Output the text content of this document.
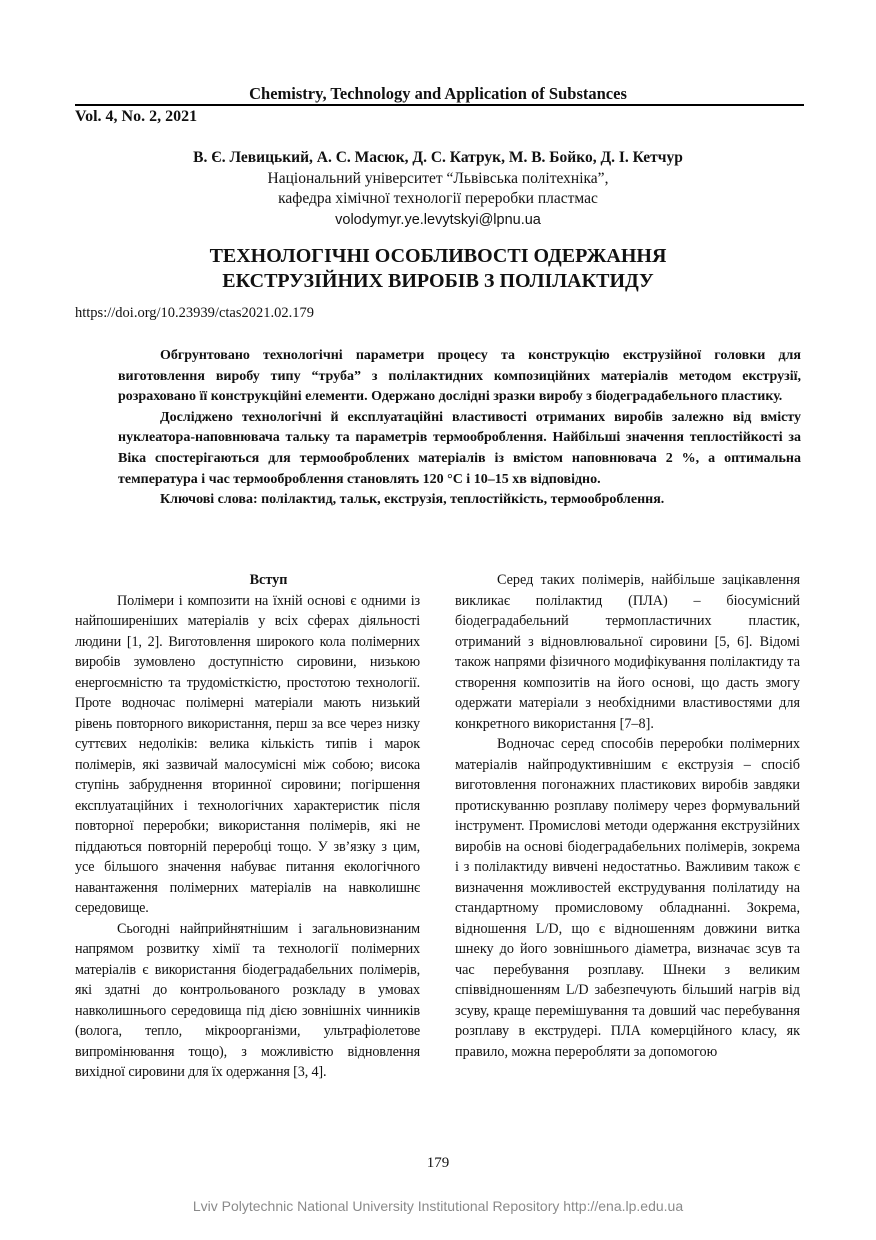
Chemistry, Technology and Application of Substances
Vol. 4, No. 2, 2021
В. Є. Левицький, А. С. Масюк, Д. С. Катрук, М. В. Бойко, Д. І. Кетчур
Національний університет “Львівська політехніка”,
кафедра хімічної технології переробки пластмас
volodymyr.ye.levytskyi@lpnu.ua
ТЕХНОЛОГІЧНІ ОСОБЛИВОСТІ ОДЕРЖАННЯ
ЕКСТРУЗІЙНИХ ВИРОБІВ З ПОЛІЛАКТИДУ
https://doi.org/10.23939/ctas2021.02.179

Обгрунтовано технологічні параметри процесу та конструкцію екструзійної головки для виготовлення виробу типу “труба” з полілактидних композиційних матеріалів методом екструзії, розраховано її конструкційні елементи. Одержано дослідні зразки виробу з біодеградабельного пластику.

Досліджено технологічні й експлуатаційні властивості отриманих виробів залежно від вмісту нуклеатора-наповнювача тальку та параметрів термооброблення. Найбільші значення теплостійкості за Віка спостерігаються для термооброблених матеріалів із вмістом наповнювача 2 %, а оптимальна температура і час термооброблення становлять 120 °C і 10–15 хв відповідно.

Ключові слова: полілактид, тальк, екструзія, теплостійкість, термооброблення.

Вступ

Полімери і композити на їхній основі є одними із найпоширеніших матеріалів у всіх сферах діяльності людини [1, 2]. Виготовлення широкого кола полімерних виробів зумовлено доступністю сировини, низькою енергоємністю та трудомісткістю, простотою технології. Проте водночас полімерні матеріали мають низький рівень повторного використання, перш за все через низку суттєвих недоліків: велика кількість типів і марок полімерів, які зазвичай малосумісні між собою; висока ступінь забруднення вторинної сировини; погіршення експлуатаційних і технологічних характеристик після повторної переробки; використання полімерів, які не піддаються повторній переробці тощо. У зв’язку з цим, усе більшого значення набуває питання екологічного навантаження полімерних матеріалів на навколишнє середовище.

Сьогодні найприйнятнішим і загальновизнаним напрямом розвитку хімії та технології полімерних матеріалів є використання біодеградабельних полімерів, які здатні до контрольованого розкладу в умовах навколишнього середовища під дією зовнішніх чинників (волога, тепло, мікроорганізми, ультрафіолетове випромінювання тощо), з можливістю відновлення вихідної сировини для їх одержання [3, 4].

Серед таких полімерів, найбільше зацікавлення викликає полілактид (ПЛА) – біосумісний біодеградабельний термопластичних пластик, отриманий з відновлювальної сировини [5, 6]. Відомі також напрями фізичного модифікування полілактиду та створення композитів на його основі, що дасть змогу одержати матеріали з необхідними властивостями для конкретного використання [7–8].

Водночас серед способів переробки полімерних матеріалів найпродуктивнішим є екструзія – спосіб виготовлення погонажних пластикових виробів завдяки протискуванню розплаву полімеру через формувальний інструмент. Промислові методи одержання екструзійних виробів на основі біодеградабельних полімерів, зокрема і з полілактиду вивчені недостатньо. Важливим також є визначення можливостей екструдування полілатиду на стандартному промисловому обладнанні. Зокрема, відношення L/D, що є відношенням довжини витка шнеку до його зовнішнього діаметра, визначає зсув та час перебування розплаву. Шнеки з великим співвідношенням L/D забезпечують більший нагрів від зсуву, краще перемішування та довший час перебування розплаву в екструдері. ПЛА комерційного класу, як правило, можна переробляти за допомогою

179
Lviv Polytechnic National University Institutional Repository http://ena.lp.edu.ua
